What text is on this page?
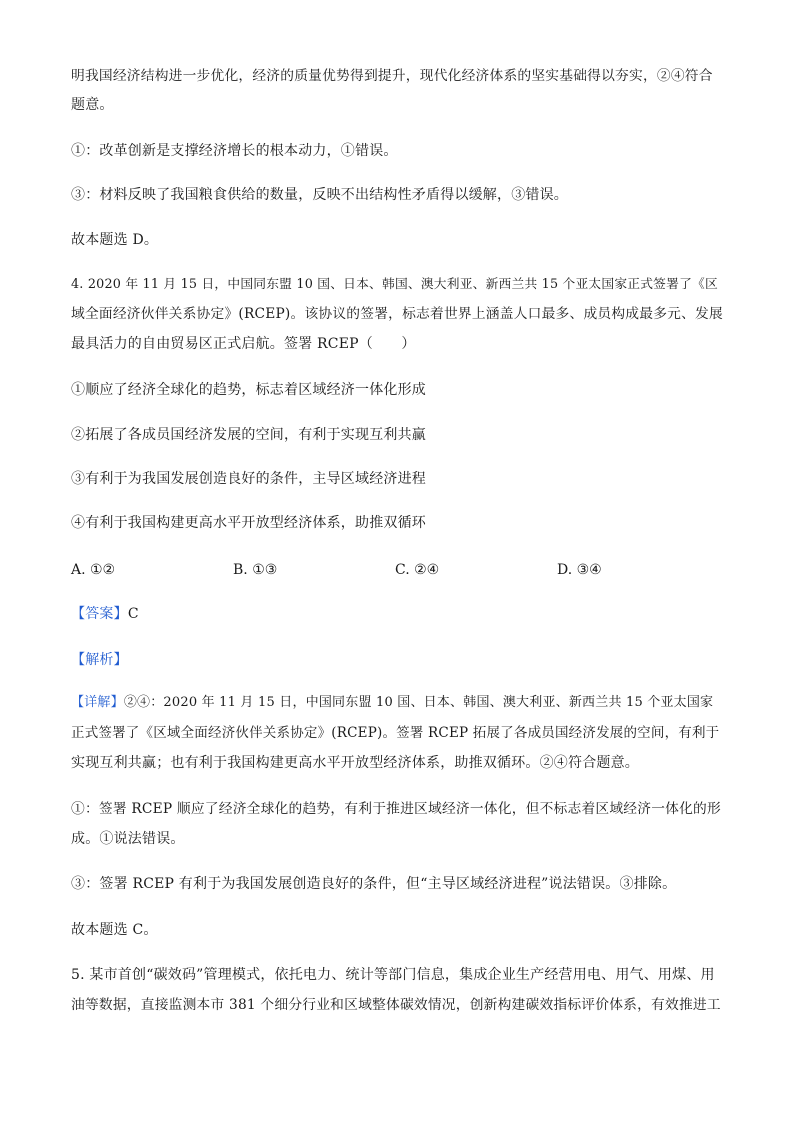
明我国经济结构进一步优化，经济的质量优势得到提升，现代化经济体系的坚实基础得以夯实，②④符合
题意。
①：改革创新是支撑经济增长的根本动力，①错误。
③：材料反映了我国粮食供给的数量，反映不出结构性矛盾得以缓解，③错误。
故本题选 D。
4. 2020 年 11 月 15 日，中国同东盟 10 国、日本、韩国、澳大利亚、新西兰共 15 个亚太国家正式签署了《区
域全面经济伙伴关系协定》(RCEP)。该协议的签署，标志着世界上涵盖人口最多、成员构成最多元、发展
最具活力的自由贸易区正式启航。签署 RCEP（　　）
①顺应了经济全球化的趋势，标志着区域经济一体化形成
②拓展了各成员国经济发展的空间，有利于实现互利共赢
③有利于为我国发展创造良好的条件，主导区域经济进程
④有利于我国构建更高水平开放型经济体系，助推双循环
A. ①②	B. ①③	C. ②④	D. ③④
【答案】C
【解析】
【详解】②④：2020 年 11 月 15 日，中国同东盟 10 国、日本、韩国、澳大利亚、新西兰共 15 个亚太国家
正式签署了《区域全面经济伙伴关系协定》(RCEP)。签署 RCEP 拓展了各成员国经济发展的空间，有利于
实现互利共赢；也有利于我国构建更高水平开放型经济体系，助推双循环。②④符合题意。
①：签署 RCEP 顺应了经济全球化的趋势，有利于推进区域经济一体化，但不标志着区域经济一体化的形
成。①说法错误。
③：签署 RCEP 有利于为我国发展创造良好的条件，但“主导区域经济进程”说法错误。③排除。
故本题选 C。
5. 某市首创“碳效码”管理模式，依托电力、统计等部门信息，集成企业生产经营用电、用气、用煤、用
油等数据，直接监测本市 381 个细分行业和区域整体碳效情况，创新构建碳效指标评价体系，有效推进工
